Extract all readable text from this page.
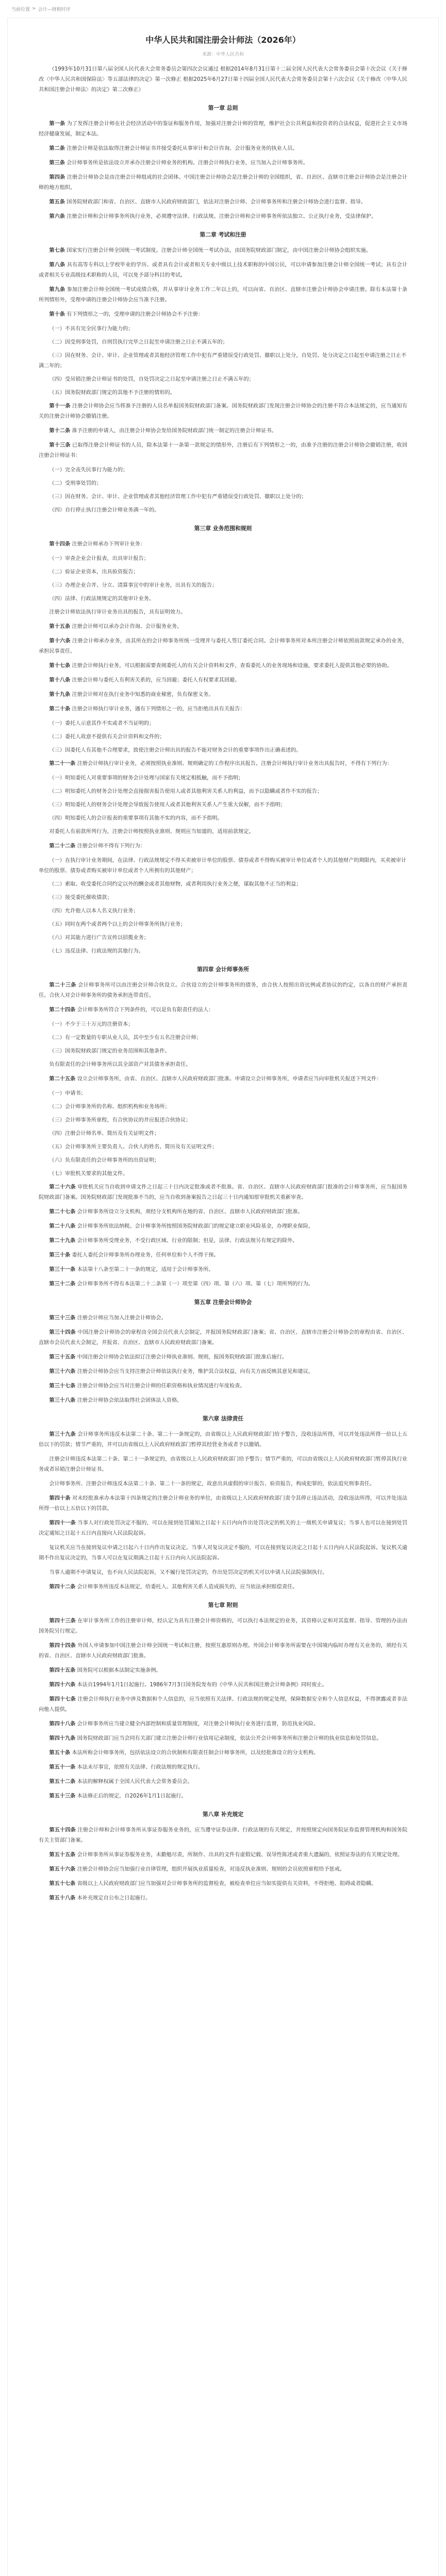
当前位置 > 会计—财税时评
中华人民共和国注册会计师法（2026年）
来源：中华人民共和

（1993年10月31日第八届全国人民代表大会常务委员会第四次会议通过 根据2014年8月31日第十二届全国人民代表大会常务委员会第十次会议《关于修改〈中华人民共和国保险法〉等五部法律的决定》第一次修正 根据2025年6月27日第十四届全国人民代表大会常务委员会第十六次会议《关于修改〈中华人民共和国注册会计师法〉的决定》第二次修正）

第一章 总则

第一条 为了发挥注册会计师在社会经济活动中的鉴证和服务作用，加强对注册会计师的管理，维护社会公共利益和投资者的合法权益，促进社会主义市场经济健康发展，制定本法。

第二条 注册会计师是依法取得注册会计师证书并接受委托从事审计和会计咨询、会计服务业务的执业人员。

第三条 会计师事务所是依法设立并承办注册会计师业务的机构。注册会计师执行业务，应当加入会计师事务所。

第四条 注册会计师协会是由注册会计师组成的社会团体。中国注册会计师协会是注册会计师的全国组织，省、自治区、直辖市注册会计师协会是注册会计师的地方组织。

第五条 国务院财政部门和省、自治区、直辖市人民政府财政部门，依法对注册会计师、会计师事务所和注册会计师协会进行监督、指导。

第六条 注册会计师和会计师事务所执行业务，必须遵守法律、行政法规。注册会计师和会计师事务所依法独立、公正执行业务，受法律保护。

第二章 考试和注册

第七条 国家实行注册会计师全国统一考试制度。注册会计师全国统一考试办法，由国务院财政部门制定，由中国注册会计师协会组织实施。

第八条 具有高等专科以上学校毕业的学历、或者具有会计或者相关专业中级以上技术职称的中国公民，可以申请参加注册会计师全国统一考试；具有会计或者相关专业高级技术职称的人员，可以免予部分科目的考试。

第九条 参加注册会计师全国统一考试成绩合格，并从事审计业务工作二年以上的，可以向省、自治区、直辖市注册会计师协会申请注册。除有本法第十条所列情形外，受理申请的注册会计师协会应当准予注册。

第十条 有下列情形之一的，受理申请的注册会计师协会不予注册：

（一）不具有完全民事行为能力的；

（二）因受刑事处罚，自刑罚执行完毕之日起至申请注册之日止不满五年的；

（三）因在财务、会计、审计、企业管理或者其他经济管理工作中犯有严重错误受行政处罚、撤职以上处分，自处罚、处分决定之日起至申请注册之日止不满二年的；

（四）受吊销注册会计师证书的处罚，自处罚决定之日起至申请注册之日止不满五年的；

（五）国务院财政部门规定的其他不予注册的情形的。

第十一条 注册会计师协会应当将准予注册的人员名单报国务院财政部门备案。国务院财政部门发现注册会计师协会的注册不符合本法规定的，应当通知有关的注册会计师协会撤销注册。

第十二条 准予注册的申请人，由注册会计师协会发给国务院财政部门统一制定的注册会计师证书。

第十三条 已取得注册会计师证书的人员，除本法第十一条第一款规定的情形外，注册后有下列情形之一的，由准予注册的注册会计师协会撤销注册，收回注册会计师证书：

（一）完全丧失民事行为能力的；

（二）受刑事处罚的；

（三）因在财务、会计、审计、企业管理或者其他经济管理工作中犯有严重错误受行政处罚、撤职以上处分的；

（四）自行停止执行注册会计师业务满一年的。

第三章 业务范围和规则

第十四条 注册会计师承办下列审计业务：

（一）审查企业会计报表，出具审计报告；

（二）验证企业资本，出具验资报告；

（三）办理企业合并、分立、清算事宜中的审计业务，出具有关的报告；

（四）法律、行政法规规定的其他审计业务。

注册会计师依法执行审计业务出具的报告，具有证明效力。

第十五条 注册会计师可以承办会计咨询、会计服务业务。

第十六条 注册会计师承办业务，由其所在的会计师事务所统一受理并与委托人签订委托合同。会计师事务所对本所注册会计师依照前款规定承办的业务，承担民事责任。

第十七条 注册会计师执行业务，可以根据需要查阅委托人的有关会计资料和文件，查看委托人的业务现场和设施，要求委托人提供其他必要的协助。

第十八条 注册会计师与委托人有利害关系的，应当回避；委托人有权要求其回避。

第十九条 注册会计师对在执行业务中知悉的商业秘密，负有保密义务。

第二十条 注册会计师执行审计业务，遇有下列情形之一的，应当拒绝出具有关报告：

（一）委托人示意其作不实或者不当证明的；

（二）委托人故意不提供有关会计资料和文件的；

（三）因委托人有其他不合理要求，致使注册会计师出具的报告不能对财务会计的重要事项作出正确表述的。

第二十一条 注册会计师执行审计业务，必须按照执业准则、规则确定的工作程序出具报告。注册会计师执行审计业务出具报告时，不得有下列行为：

（一）明知委托人对重要事项的财务会计处理与国家有关规定相抵触，而不予指明；

（二）明知委托人的财务会计处理会直接损害报告使用人或者其他利害关系人的利益，而予以隐瞒或者作不实的报告；

（三）明知委托人的财务会计处理会导致报告使用人或者其他利害关系人产生重大误解，而不予指明；

（四）明知委托人的会计报表的重要事项有其他不实的内容，而不予指明。

对委托人有前款所列行为，注册会计师按照执业准则、规则应当知道的，适用前款规定。

第二十二条 注册会计师不得有下列行为：

（一）在执行审计业务期间，在法律、行政法规规定不得买卖被审计单位的股票、债券或者不得购买被审计单位或者个人的其他财产的期限内，买卖被审计单位的股票、债券或者购买被审计单位或者个人所拥有的其他财产；

（二）索取、收受委托合同约定以外的酬金或者其他财物，或者利用执行业务之便，谋取其他不正当的利益；

（三）接受委托催收债款；

（四）允许他人以本人名义执行业务；

（五）同时在两个或者两个以上的会计师事务所执行业务；

（六）对其能力进行广告宣传以招揽业务；

（七）违反法律、行政法规的其他行为。

第四章 会计师事务所

第二十三条 会计师事务所可以由注册会计师合伙设立。合伙设立的会计师事务所的债务，由合伙人按照出资比例或者协议的约定，以各自的财产承担责任。合伙人对会计师事务所的债务承担连带责任。

第二十四条 会计师事务所符合下列条件的，可以是负有限责任的法人：

（一）不少于三十万元的注册资本；

（二）有一定数量的专职从业人员，其中至少有五名注册会计师；

（三）国务院财政部门规定的业务范围和其他条件。

负有限责任的会计师事务所以其全部资产对其债务承担责任。

第二十五条 设立会计师事务所，由省、自治区、直辖市人民政府财政部门批准。申请设立会计师事务所，申请者应当向审批机关报送下列文件：

（一）申请书；

（二）会计师事务所的名称、组织机构和业务场所；

（三）会计师事务所章程，有合伙协议的并应报送合伙协议；

（四）注册会计师名单、简历及有关证明文件；

（五）会计师事务所主要负责人、合伙人的姓名、简历及有关证明文件；

（六）负有限责任的会计师事务所的出资证明；

（七）审批机关要求的其他文件。

第二十六条 审批机关应当自收到申请文件之日起三十日内决定批准或者不批准。省、自治区、直辖市人民政府财政部门批准的会计师事务所，应当报国务院财政部门备案。国务院财政部门发现批准不当的，应当自收到备案报告之日起三十日内通知原审批机关重新审查。

第二十七条 会计师事务所设立分支机构，须经分支机构所在地的省、自治区、直辖市人民政府财政部门批准。

第二十八条 会计师事务所依法纳税。会计师事务所按照国务院财政部门的规定建立职业风险基金，办理职业保险。

第二十九条 会计师事务所受理业务，不受行政区域、行业的限制；但是，法律、行政法规另有规定的除外。

第三十条 委托人委托会计师事务所办理业务，任何单位和个人不得干预。

第三十一条 本法第十八条至第二十一条的规定，适用于会计师事务所。

第三十二条 会计师事务所不得有本法第二十二条第（一）项至第（四）项、第（六）项、第（七）项所列的行为。

第五章 注册会计师协会

第三十三条 注册会计师应当加入注册会计师协会。

第三十四条 中国注册会计师协会的章程由全国会员代表大会制定，并报国务院财政部门备案；省、自治区、直辖市注册会计师协会的章程由省、自治区、直辖市会员代表大会制定，并报省、自治区、直辖市人民政府财政部门备案。

第三十五条 中国注册会计师协会依法拟订注册会计师执业准则、规则，报国务院财政部门批准后施行。

第三十六条 注册会计师协会应当支持注册会计师依法执行业务，维护其合法权益，向有关方面反映其意见和建议。

第三十七条 注册会计师协会应当对注册会计师的任职资格和执业情况进行年度检查。

第三十八条 注册会计师协会依法取得社会团体法人资格。

第六章 法律责任

第三十九条 会计师事务所违反本法第二十条、第二十一条规定的，由省级以上人民政府财政部门给予警告，没收违法所得，可以并处违法所得一倍以上五倍以下的罚款；情节严重的，并可以由省级以上人民政府财政部门暂停其经营业务或者予以撤销。

注册会计师违反本法第二十条、第二十一条规定的，由省级以上人民政府财政部门给予警告；情节严重的，可以由省级以上人民政府财政部门暂停其执行业务或者吊销注册会计师证书。

会计师事务所、注册会计师违反本法第二十条、第二十一条的规定，故意出具虚假的审计报告、验资报告，构成犯罪的，依法追究刑事责任。

第四十条 对未经批准承办本法第十四条规定的注册会计师业务的单位，由省级以上人民政府财政部门责令其停止违法活动，没收违法所得，可以并处违法所得一倍以上五倍以下的罚款。

第四十一条 当事人对行政处罚决定不服的，可以在接到处罚通知之日起十五日内向作出处罚决定的机关的上一级机关申请复议；当事人也可以在接到处罚决定通知之日起十五日内直接向人民法院起诉。

复议机关应当在接到复议申请之日起六十日内作出复议决定。当事人对复议决定不服的，可以在接到复议决定之日起十五日内向人民法院起诉。复议机关逾期不作出复议决定的，当事人可以在复议期满之日起十五日内向人民法院起诉。

当事人逾期不申请复议，也不向人民法院起诉，又不履行处罚决定的，作出处罚决定的机关可以申请人民法院强制执行。

第四十二条 会计师事务所违反本法规定，给委托人、其他利害关系人造成损失的，应当依法承担赔偿责任。

第七章 附则

第四十三条 在审计事务所工作的注册审计师，经认定为具有注册会计师资格的，可以执行本法规定的业务，其资格认定和对其监督、指导、管理的办法由国务院另行规定。

第四十四条 外国人申请参加中国注册会计师全国统一考试和注册，按照互惠原则办理。外国会计师事务所需要在中国境内临时办理有关业务的，须经有关的省、自治区、直辖市人民政府财政部门批准。

第四十五条 国务院可以根据本法制定实施条例。

第四十六条 本法自1994年1月1日起施行。1986年7月3日国务院发布的《中华人民共和国注册会计师条例》同时废止。

第四十七条 注册会计师执行业务中涉及数据和个人信息的，应当依照有关法律、行政法规的规定处理，保障数据安全和个人信息权益，不得泄露或者非法向他人提供。

第四十八条 会计师事务所应当建立健全内部控制和质量管理制度，对注册会计师执行业务进行监督，防范执业风险。

第四十九条 国务院财政部门应当会同有关部门建立注册会计师行业信用记录制度，依法公开会计师事务所和注册会计师的执业信息和处罚信息。

第五十条 本法所称会计师事务所，包括依法设立的合伙制和有限责任制会计师事务所，以及经批准设立的分支机构。

第五十一条 本法未尽事宜，依照有关法律、行政法规的规定执行。

第五十二条 本法的解释权属于全国人民代表大会常务委员会。

第五十三条 本法修正后的规定，自2026年1月1日起施行。

第八章 补充规定

第五十四条 注册会计师和会计师事务所从事证券服务业务的，应当遵守证券法律、行政法规的有关规定，并按照规定向国务院证券监督管理机构和国务院有关主管部门备案。

第五十五条 会计师事务所从事证券服务业务，未勤勉尽责，所制作、出具的文件有虚假记载、误导性陈述或者重大遗漏的，依照证券法的有关规定处理。

第五十六条 注册会计师协会应当加强行业自律管理，组织开展执业质量检查，对违反执业准则、规则的会员依照章程给予惩戒。

第五十七条 省级以上人民政府财政部门应当加强对会计师事务所的监督检查，被检查单位应当如实提供有关资料，不得拒绝、阻碍或者隐瞒。

第五十八条 本补充规定自公布之日起施行。
